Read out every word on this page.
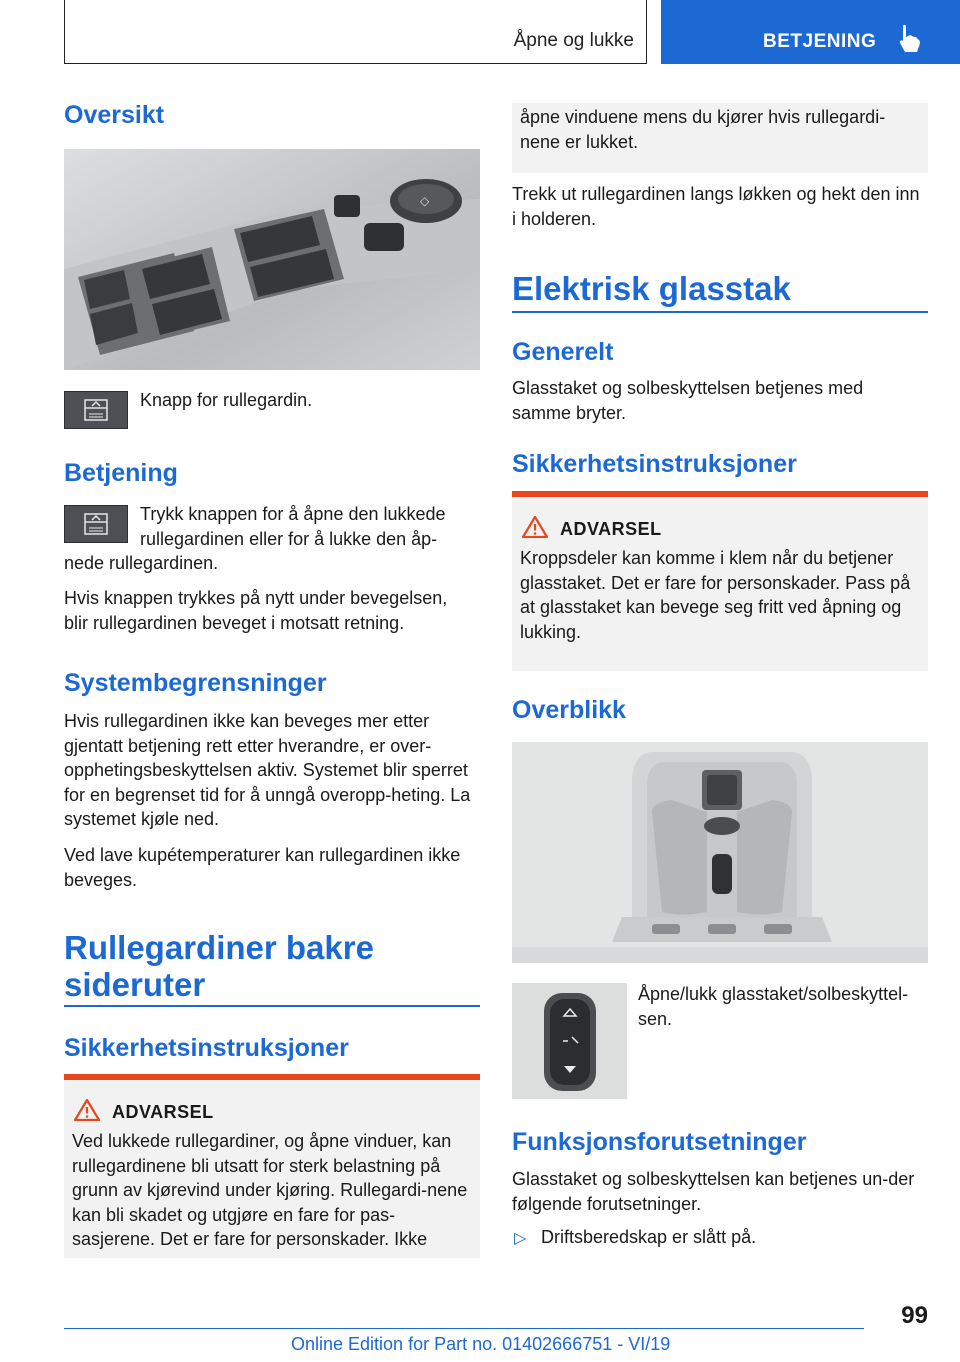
Åpne og lukke	BETJENING
Oversikt
◇

Knapp for rullegardin.

Betjening

Trykk knappen for å åpne den lukkede

rullegardinen eller for å lukke den åp-

nede rullegardinen.

Hvis knappen trykkes på nytt under bevegelsen, blir rullegardinen beveget i motsatt retning.

Systembegrensninger

Hvis rullegardinen ikke kan beveges mer etter gjentatt betjening rett etter hverandre, er over-opphetingsbeskyttelsen aktiv. Systemet blir sperret for en begrenset tid for å unngå overopp-heting. La systemet kjøle ned.

Ved lave kupétemperaturer kan rullegardinen ikke beveges.

Rullegardiner bakre sideruter
Sikkerhetsinstruksjoner
ADVARSEL
Ved lukkede rullegardiner, og åpne vinduer, kan rullegardinene bli utsatt for sterk belastning på grunn av kjørevind under kjøring. Rullegardi-nene kan bli skadet og utgjøre en fare for pas-sasjerene. Det er fare for personskader. Ikke
åpne vinduene mens du kjører hvis rullegardi-nene er lukket.

Trekk ut rullegardinen langs løkken og hekt den inn i holderen.

Elektrisk glasstak
Generelt

Glasstaket og solbeskyttelsen betjenes med samme bryter.

Sikkerhetsinstruksjoner
ADVARSEL
Kroppsdeler kan komme i klem når du betjener glasstaket. Det er fare for personskader. Pass på at glasstaket kan bevege seg fritt ved åpning og lukking.
Overblikk

Åpne/lukk glasstaket/solbeskyttel-sen.

Funksjonsforutsetninger

Glasstaket og solbeskyttelsen kan betjenes un-der følgende forutsetninger.

▷ Driftsberedskap er slått på.

99
Online Edition for Part no. 01402666751 - VI/19
